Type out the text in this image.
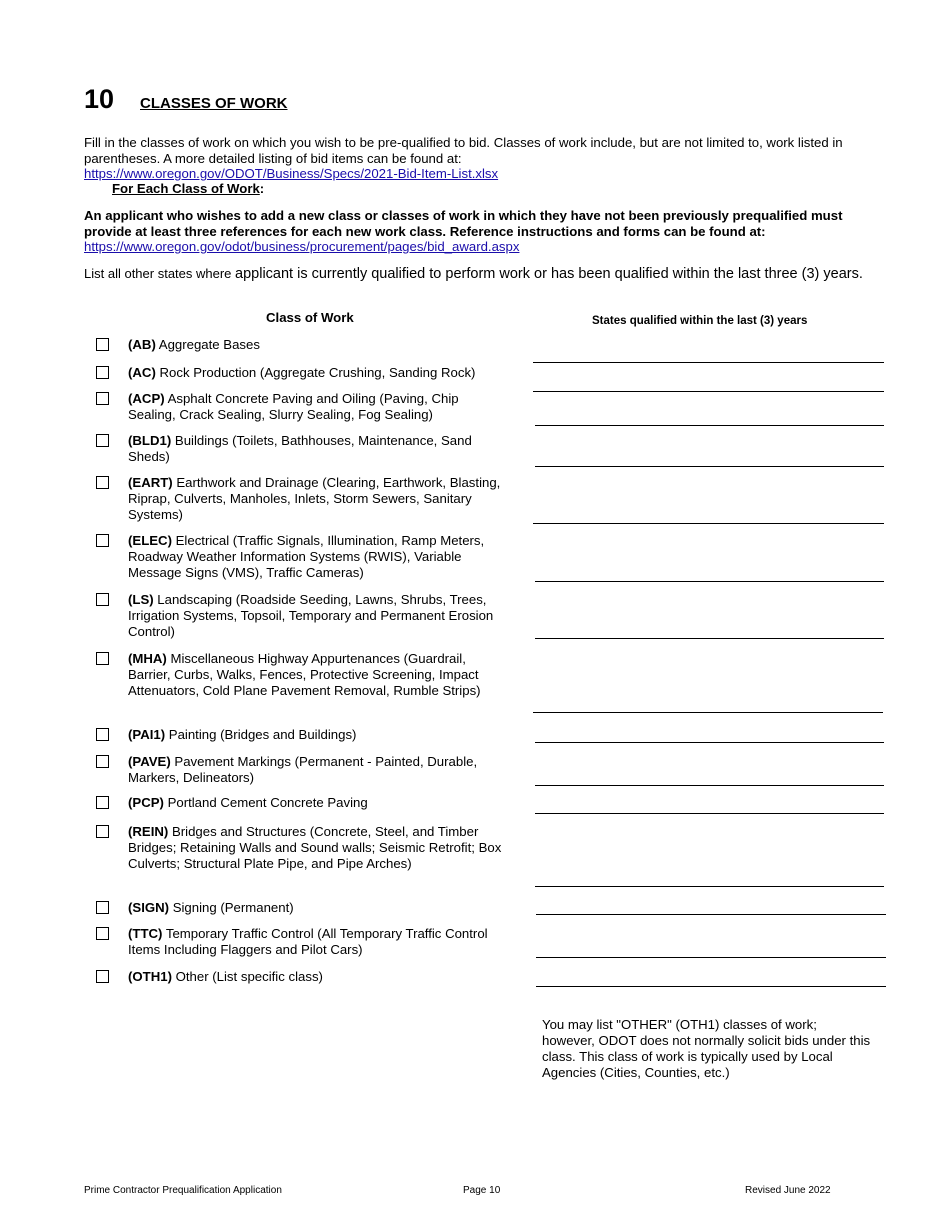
10 CLASSES OF WORK
Fill in the classes of work on which you wish to be pre-qualified to bid. Classes of work include, but are not limited to, work listed in parentheses. A more detailed listing of bid items can be found at:
https://www.oregon.gov/ODOT/Business/Specs/2021-Bid-Item-List.xlsx
For Each Class of Work:
An applicant who wishes to add a new class or classes of work in which they have not been previously prequalified must provide at least three references for each new work class. Reference instructions and forms can be found at:
https://www.oregon.gov/odot/business/procurement/pages/bid_award.aspx
List all other states where applicant is currently qualified to perform work or has been qualified within the last three (3) years.
Class of Work	States qualified within the last (3) years
(AB) Aggregate Bases
(AC) Rock Production (Aggregate Crushing, Sanding Rock)
(ACP) Asphalt Concrete Paving and Oiling (Paving, Chip Sealing, Crack Sealing, Slurry Sealing, Fog Sealing)
(BLD1) Buildings (Toilets, Bathhouses, Maintenance, Sand Sheds)
(EART) Earthwork and Drainage (Clearing, Earthwork, Blasting, Riprap, Culverts, Manholes, Inlets, Storm Sewers, Sanitary Systems)
(ELEC) Electrical (Traffic Signals, Illumination, Ramp Meters, Roadway Weather Information Systems (RWIS), Variable Message Signs (VMS), Traffic Cameras)
(LS) Landscaping (Roadside Seeding, Lawns, Shrubs, Trees, Irrigation Systems, Topsoil, Temporary and Permanent Erosion Control)
(MHA) Miscellaneous Highway Appurtenances (Guardrail, Barrier, Curbs, Walks, Fences, Protective Screening, Impact Attenuators, Cold Plane Pavement Removal, Rumble Strips)
(PAI1) Painting (Bridges and Buildings)
(PAVE) Pavement Markings (Permanent - Painted, Durable, Markers, Delineators)
(PCP) Portland Cement Concrete Paving
(REIN) Bridges and Structures (Concrete, Steel, and Timber Bridges; Retaining Walls and Sound walls; Seismic Retrofit; Box Culverts; Structural Plate Pipe, and Pipe Arches)
(SIGN) Signing (Permanent)
(TTC) Temporary Traffic Control (All Temporary Traffic Control Items Including Flaggers and Pilot Cars)
(OTH1) Other (List specific class)
You may list "OTHER" (OTH1) classes of work; however, ODOT does not normally solicit bids under this class. This class of work is typically used by Local Agencies (Cities, Counties, etc.)
Prime Contractor Prequalification Application	Page 10	Revised June 2022
